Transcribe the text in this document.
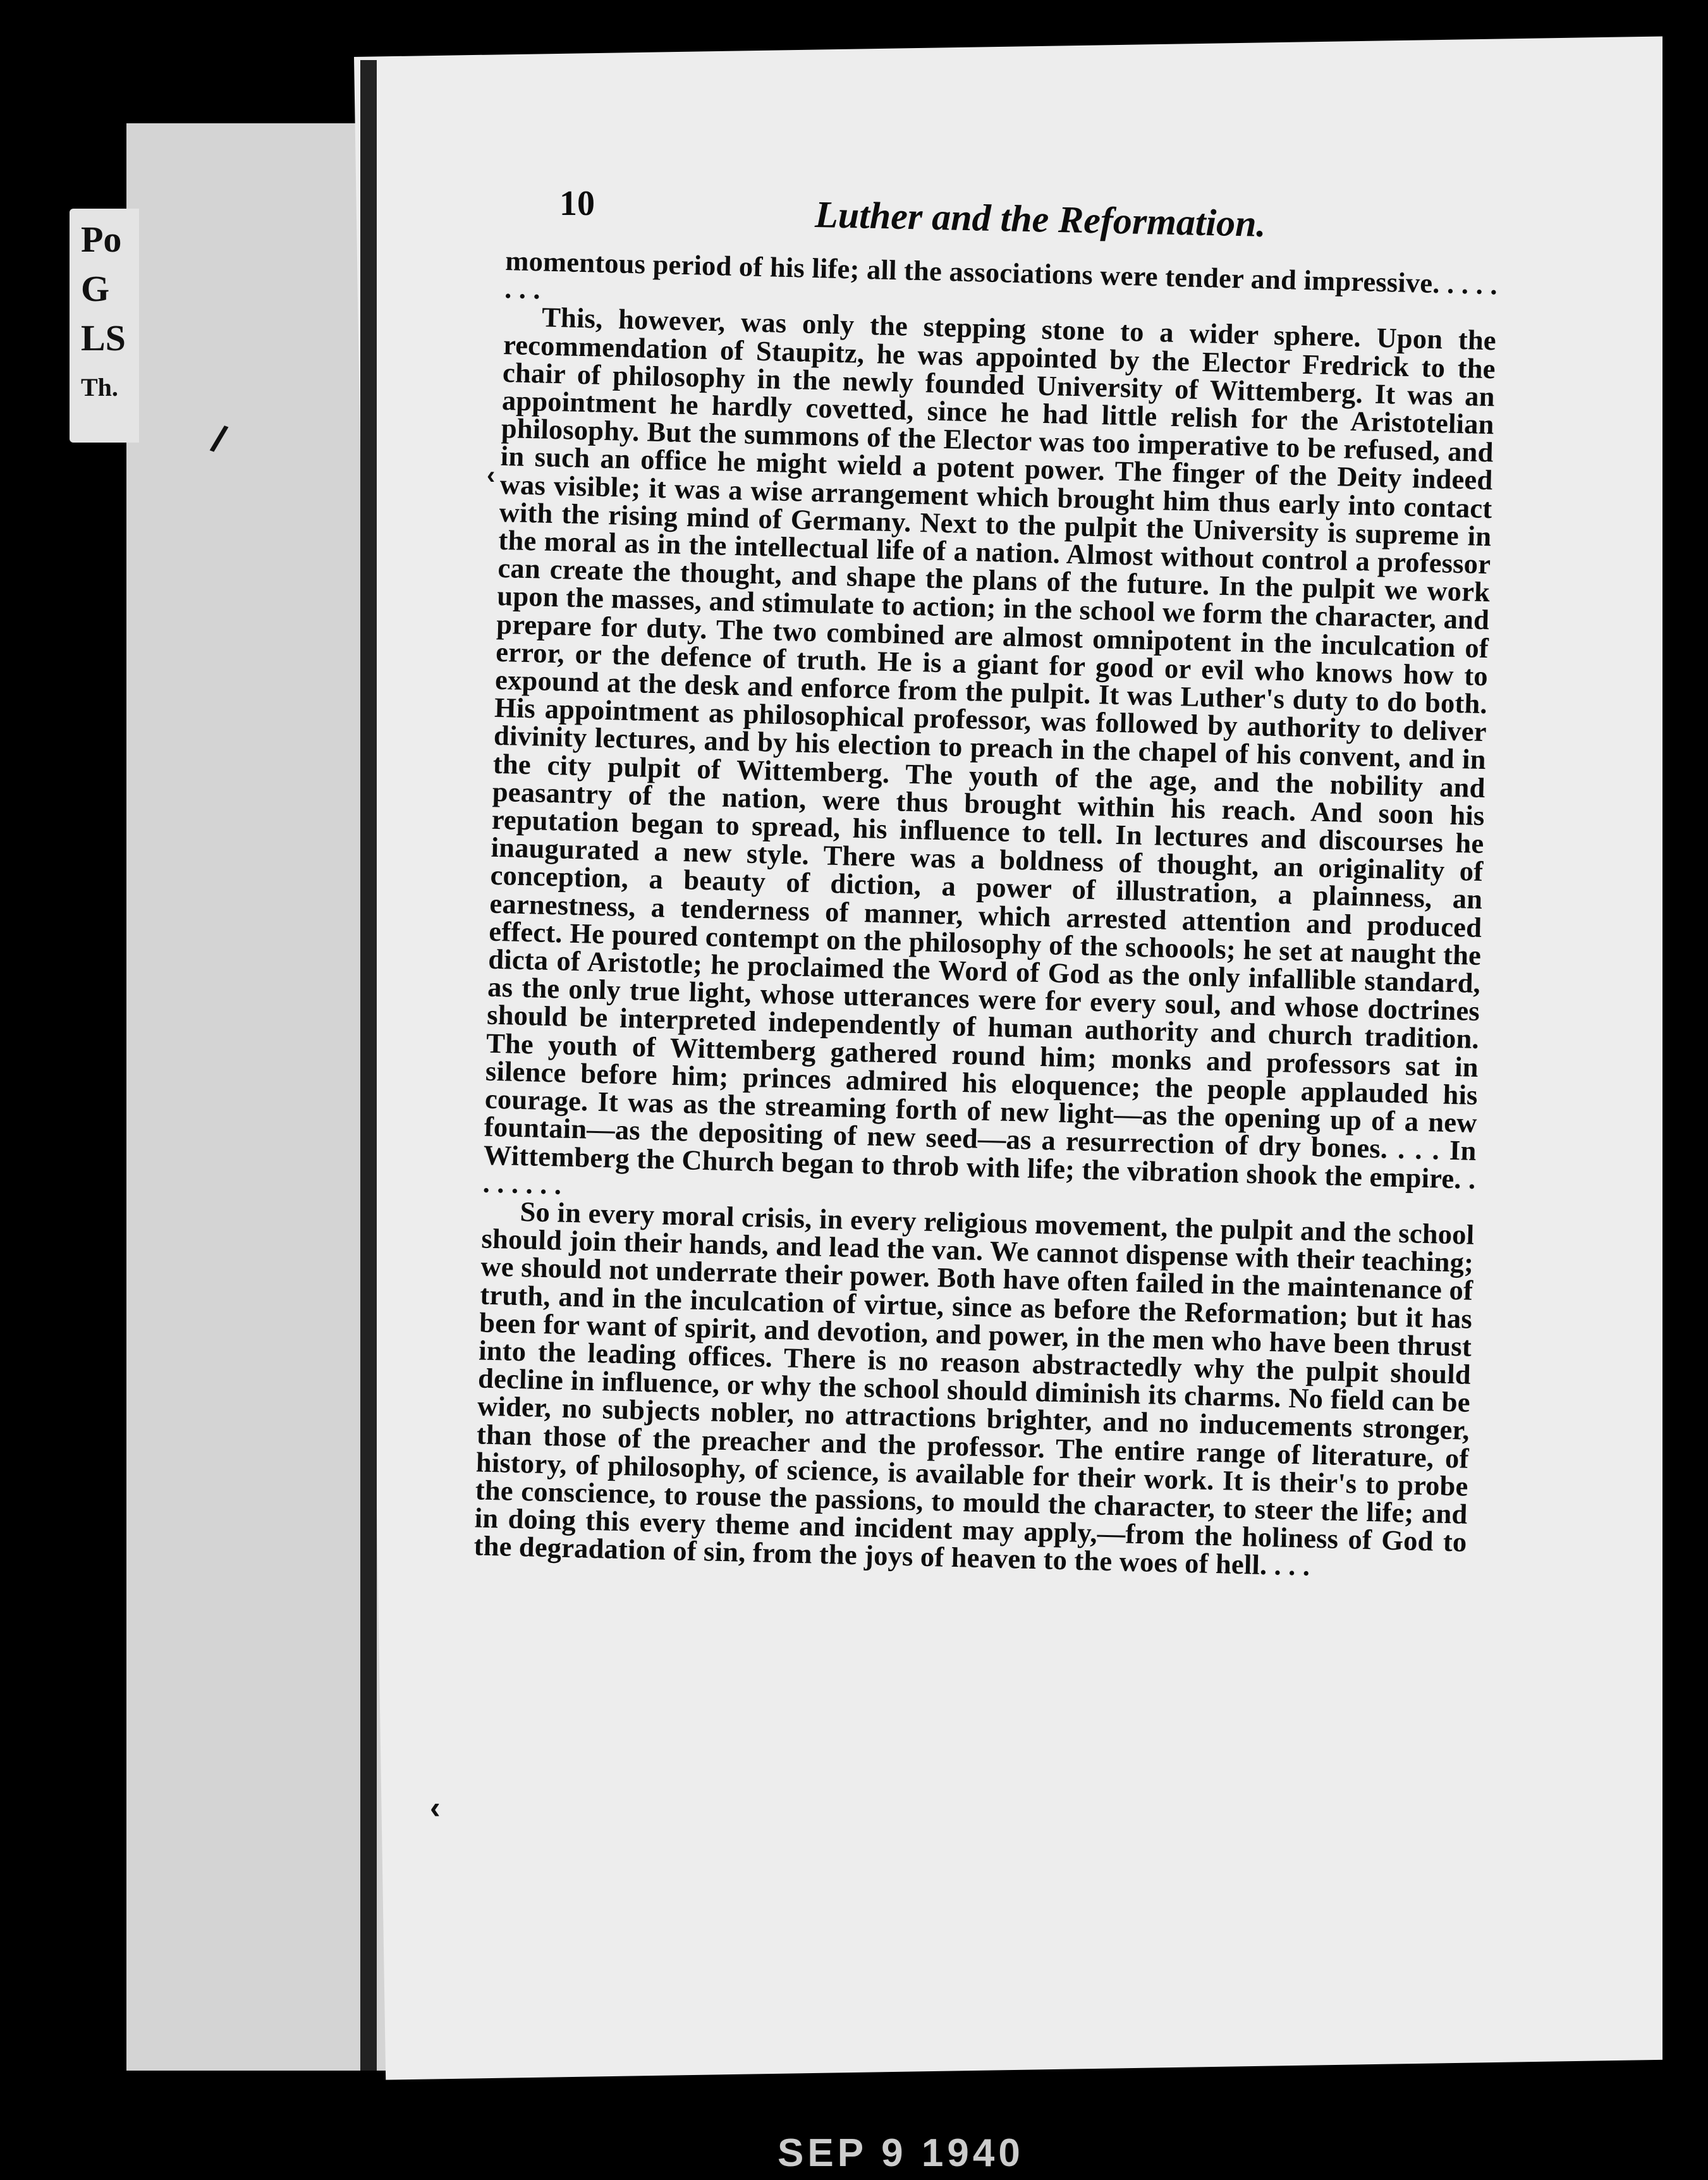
Po
G
LS
Th.
10	Luther and the Reformation.

momentous period of his life; all the associations were tender and impressive. . . . . . . .

This, however, was only the stepping stone to a wider sphere. Upon the recommendation of Staupitz, he was appointed by the Elector Fredrick to the chair of philosophy in the newly founded University of Wittemberg. It was an appointment he hardly covetted, since he had little relish for the Aristotelian philosophy. But the summons of the Elector was too imperative to be refused, and in such an office he might wield a potent power. The finger of the Deity indeed was visible; it was a wise arrangement which brought him thus early into contact with the rising mind of Germany. Next to the pulpit the University is supreme in the moral as in the intellectual life of a nation. Almost without control a professor can create the thought, and shape the plans of the future. In the pulpit we work upon the masses, and stimulate to action; in the school we form the character, and prepare for duty. The two combined are almost omnipotent in the inculcation of error, or the defence of truth. He is a giant for good or evil who knows how to expound at the desk and enforce from the pulpit. It was Luther's duty to do both. His appointment as philosophical professor, was followed by authority to deliver divinity lectures, and by his election to preach in the chapel of his convent, and in the city pulpit of Wittemberg. The youth of the age, and the nobility and peasantry of the nation, were thus brought within his reach. And soon his reputation began to spread, his influence to tell. In lectures and discourses he inaugurated a new style. There was a boldness of thought, an originality of conception, a beauty of diction, a power of illustration, a plainness, an earnestness, a tenderness of manner, which arrested attention and produced effect. He poured contempt on the philosophy of the schoools; he set at naught the dicta of Aristotle; he proclaimed the Word of God as the only infallible standard, as the only true light, whose utterances were for every soul, and whose doctrines should be interpreted independently of human authority and church tradition. The youth of Wittemberg gathered round him; monks and professors sat in silence before him; princes admired his eloquence; the people applauded his courage. It was as the streaming forth of new light—as the opening up of a new fountain—as the depositing of new seed—as a resurrection of dry bones. . . . In Wittemberg the Church began to throb with life; the vibration shook the empire. . . . . . . .

So in every moral crisis, in every religious movement, the pulpit and the school should join their hands, and lead the van. We cannot dispense with their teaching; we should not underrate their power. Both have often failed in the maintenance of truth, and in the inculcation of virtue, since as before the Reformation; but it has been for want of spirit, and devotion, and power, in the men who have been thrust into the leading offices. There is no reason abstractedly why the pulpit should decline in influence, or why the school should diminish its charms. No field can be wider, no subjects nobler, no attractions brighter, and no inducements stronger, than those of the preacher and the professor. The entire range of literature, of history, of philosophy, of science, is available for their work. It is their's to probe the conscience, to rouse the passions, to mould the character, to steer the life; and in doing this every theme and incident may apply,—from the holiness of God to the degradation of sin, from the joys of heaven to the woes of hell. . . .

/
‹
‹
SEP 9 1940
